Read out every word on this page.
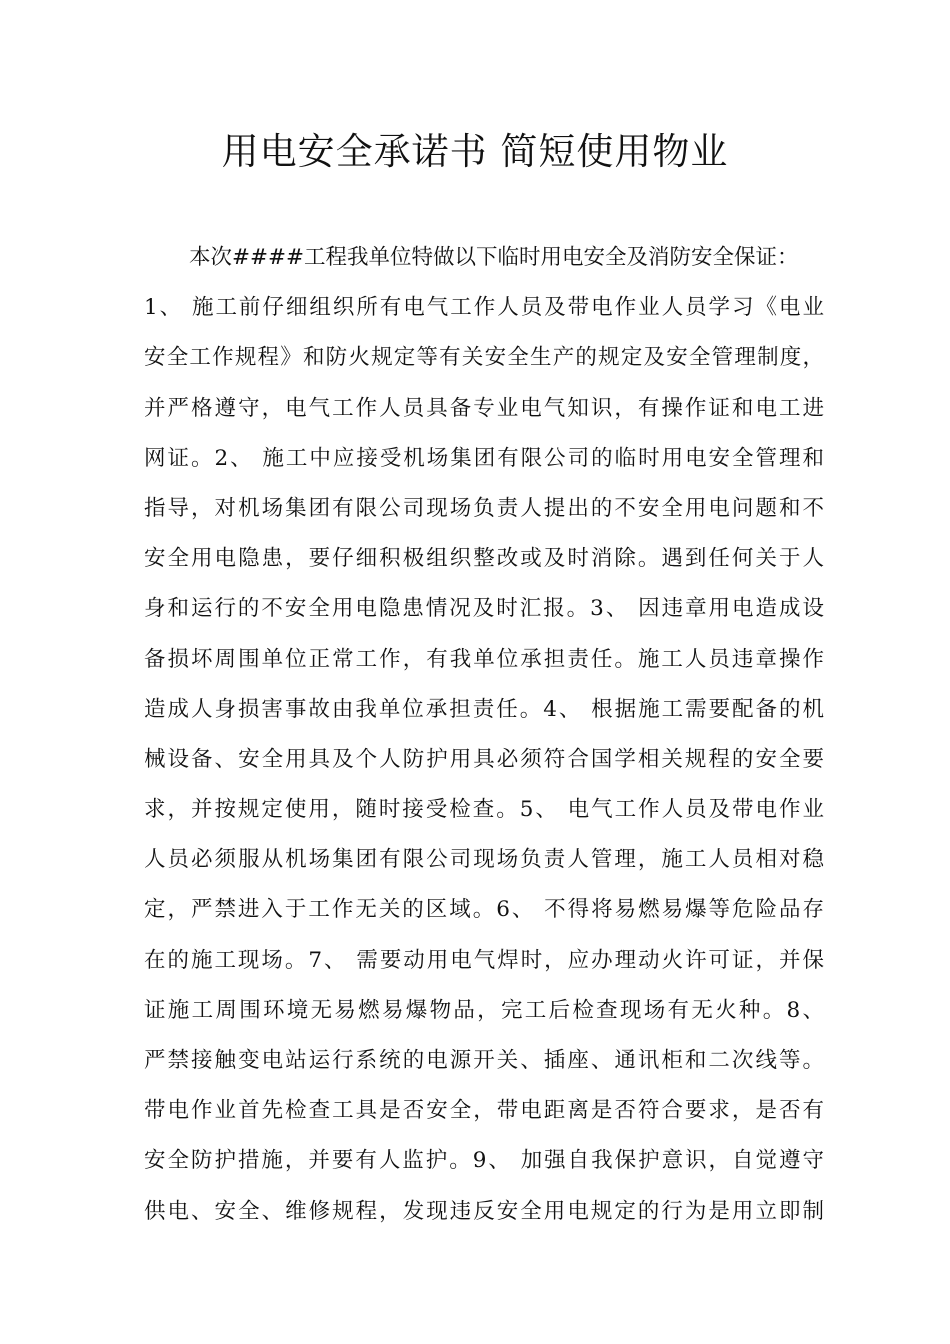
用电安全承诺书 简短使用物业
本次####工程我单位特做以下临时用电安全及消防安全保证：
1、 施工前仔细组织所有电气工作人员及带电作业人员学习《电业
安全工作规程》和防火规定等有关安全生产的规定及安全管理制度，
并严格遵守，电气工作人员具备专业电气知识，有操作证和电工进
网证。2、 施工中应接受机场集团有限公司的临时用电安全管理和
指导，对机场集团有限公司现场负责人提出的不安全用电问题和不
安全用电隐患，要仔细积极组织整改或及时消除。遇到任何关于人
身和运行的不安全用电隐患情况及时汇报。3、 因违章用电造成设
备损坏周围单位正常工作，有我单位承担责任。施工人员违章操作
造成人身损害事故由我单位承担责任。4、 根据施工需要配备的机
械设备、安全用具及个人防护用具必须符合国学相关规程的安全要
求，并按规定使用，随时接受检查。5、 电气工作人员及带电作业
人员必须服从机场集团有限公司现场负责人管理，施工人员相对稳
定，严禁进入于工作无关的区域。6、 不得将易燃易爆等危险品存
在的施工现场。7、 需要动用电气焊时，应办理动火许可证，并保
证施工周围环境无易燃易爆物品，完工后检查现场有无火种。8、
严禁接触变电站运行系统的电源开关、插座、通讯柜和二次线等。
带电作业首先检查工具是否安全，带电距离是否符合要求，是否有
安全防护措施，并要有人监护。9、 加强自我保护意识，自觉遵守
供电、安全、维修规程，发现违反安全用电规定的行为是用立即制
